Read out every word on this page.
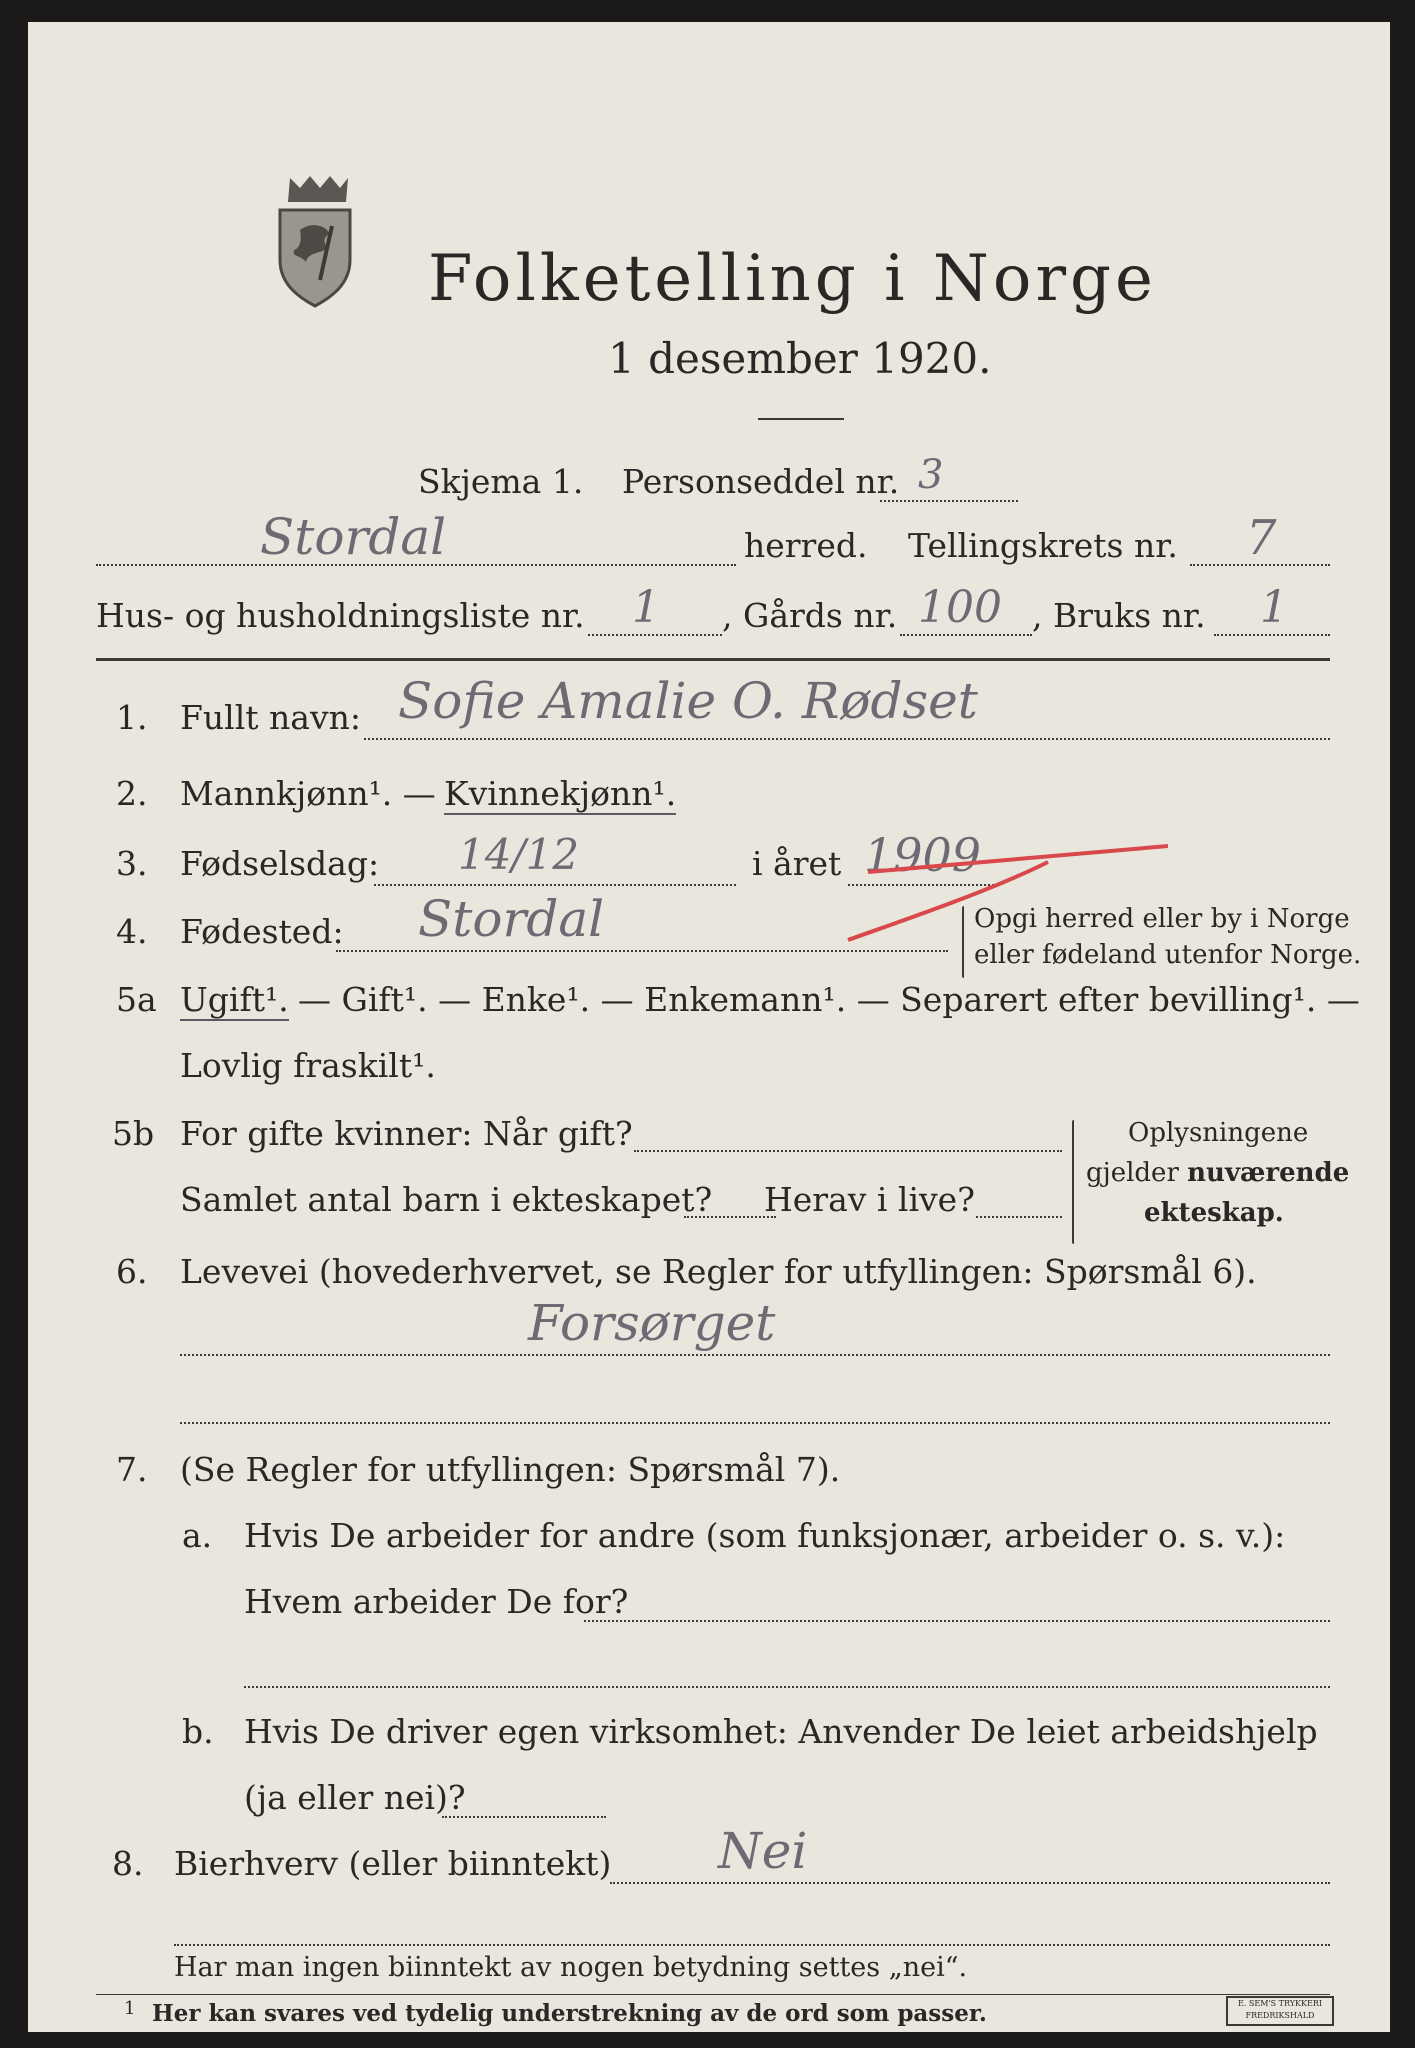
Folketelling i Norge
1 desember 1920.
Skjema 1. Personseddel nr. 3
Stordal	herred. Tellingskrets nr. 7
Hus- og husholdningsliste nr. 1 , Gårds nr. 100 , Bruks nr. 1
1. Fullt navn: Sofie Amalie O. Rødset
2. Mannkjønn¹. — Kvinnekjønn¹.
3. Fødselsdag: 14/12	i året 1909
4. Fødested: Stordal	Opgi herred eller by i Norge
eller fødeland utenfor Norge.
5a Ugift¹. — Gift¹. — Enke¹. — Enkemann¹. — Separert efter bevilling¹. —
Lovlig fraskilt¹.
5b For gifte kvinner: Når gift?
Samlet antal barn i ekteskapet? Herav i live?
Oplysningene
gjelder nuværende
ekteskap.
6. Levevei (hovederhvervet, se Regler for utfyllingen: Spørsmål 6).
Forsørget
7. (Se Regler for utfyllingen: Spørsmål 7).
a. Hvis De arbeider for andre (som funksjonær, arbeider o. s. v.):
Hvem arbeider De for?
b. Hvis De driver egen virksomhet: Anvender De leiet arbeidshjelp
(ja eller nei)?
8. Bierhverv (eller biinntekt) Nei
Har man ingen biinntekt av nogen betydning settes „nei“.
1 Her kan svares ved tydelig understrekning av de ord som passer.	E. SEM'S TRYKKERI FREDRIKSHALD
